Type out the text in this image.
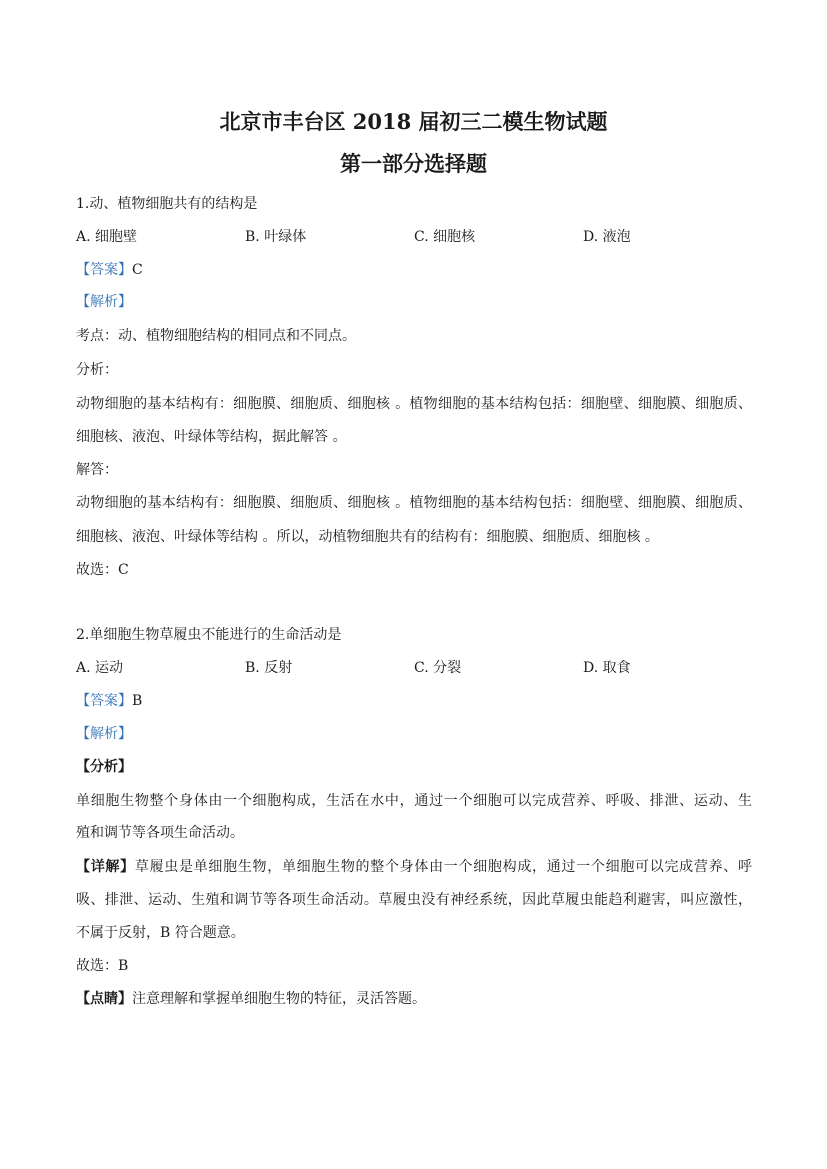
北京市丰台区 2018 届初三二模生物试题
第一部分选择题
1.动、植物细胞共有的结构是
A. 细胞壁	B. 叶绿体	C. 细胞核	D. 液泡
【答案】C
【解析】
考点：动、植物细胞结构的相同点和不同点。
分析：
动物细胞的基本结构有：细胞膜、细胞质、细胞核 。植物细胞的基本结构包括：细胞壁、细胞膜、细胞质、
细胞核、液泡、叶绿体等结构，据此解答 。
解答：
动物细胞的基本结构有：细胞膜、细胞质、细胞核 。植物细胞的基本结构包括：细胞壁、细胞膜、细胞质、
细胞核、液泡、叶绿体等结构 。所以，动植物细胞共有的结构有：细胞膜、细胞质、细胞核 。
故选：C
2.单细胞生物草履虫不能进行的生命活动是
A. 运动	B. 反射	C. 分裂	D. 取食
【答案】B
【解析】
【分析】
单细胞生物整个身体由一个细胞构成，生活在水中，通过一个细胞可以完成营养、呼吸、排泄、运动、生
殖和调节等各项生命活动。
【详解】草履虫是单细胞生物，单细胞生物的整个身体由一个细胞构成，通过一个细胞可以完成营养、呼
吸、排泄、运动、生殖和调节等各项生命活动。草履虫没有神经系统，因此草履虫能趋利避害，叫应激性，
不属于反射，B 符合题意。
故选：B
【点睛】注意理解和掌握单细胞生物的特征，灵活答题。
